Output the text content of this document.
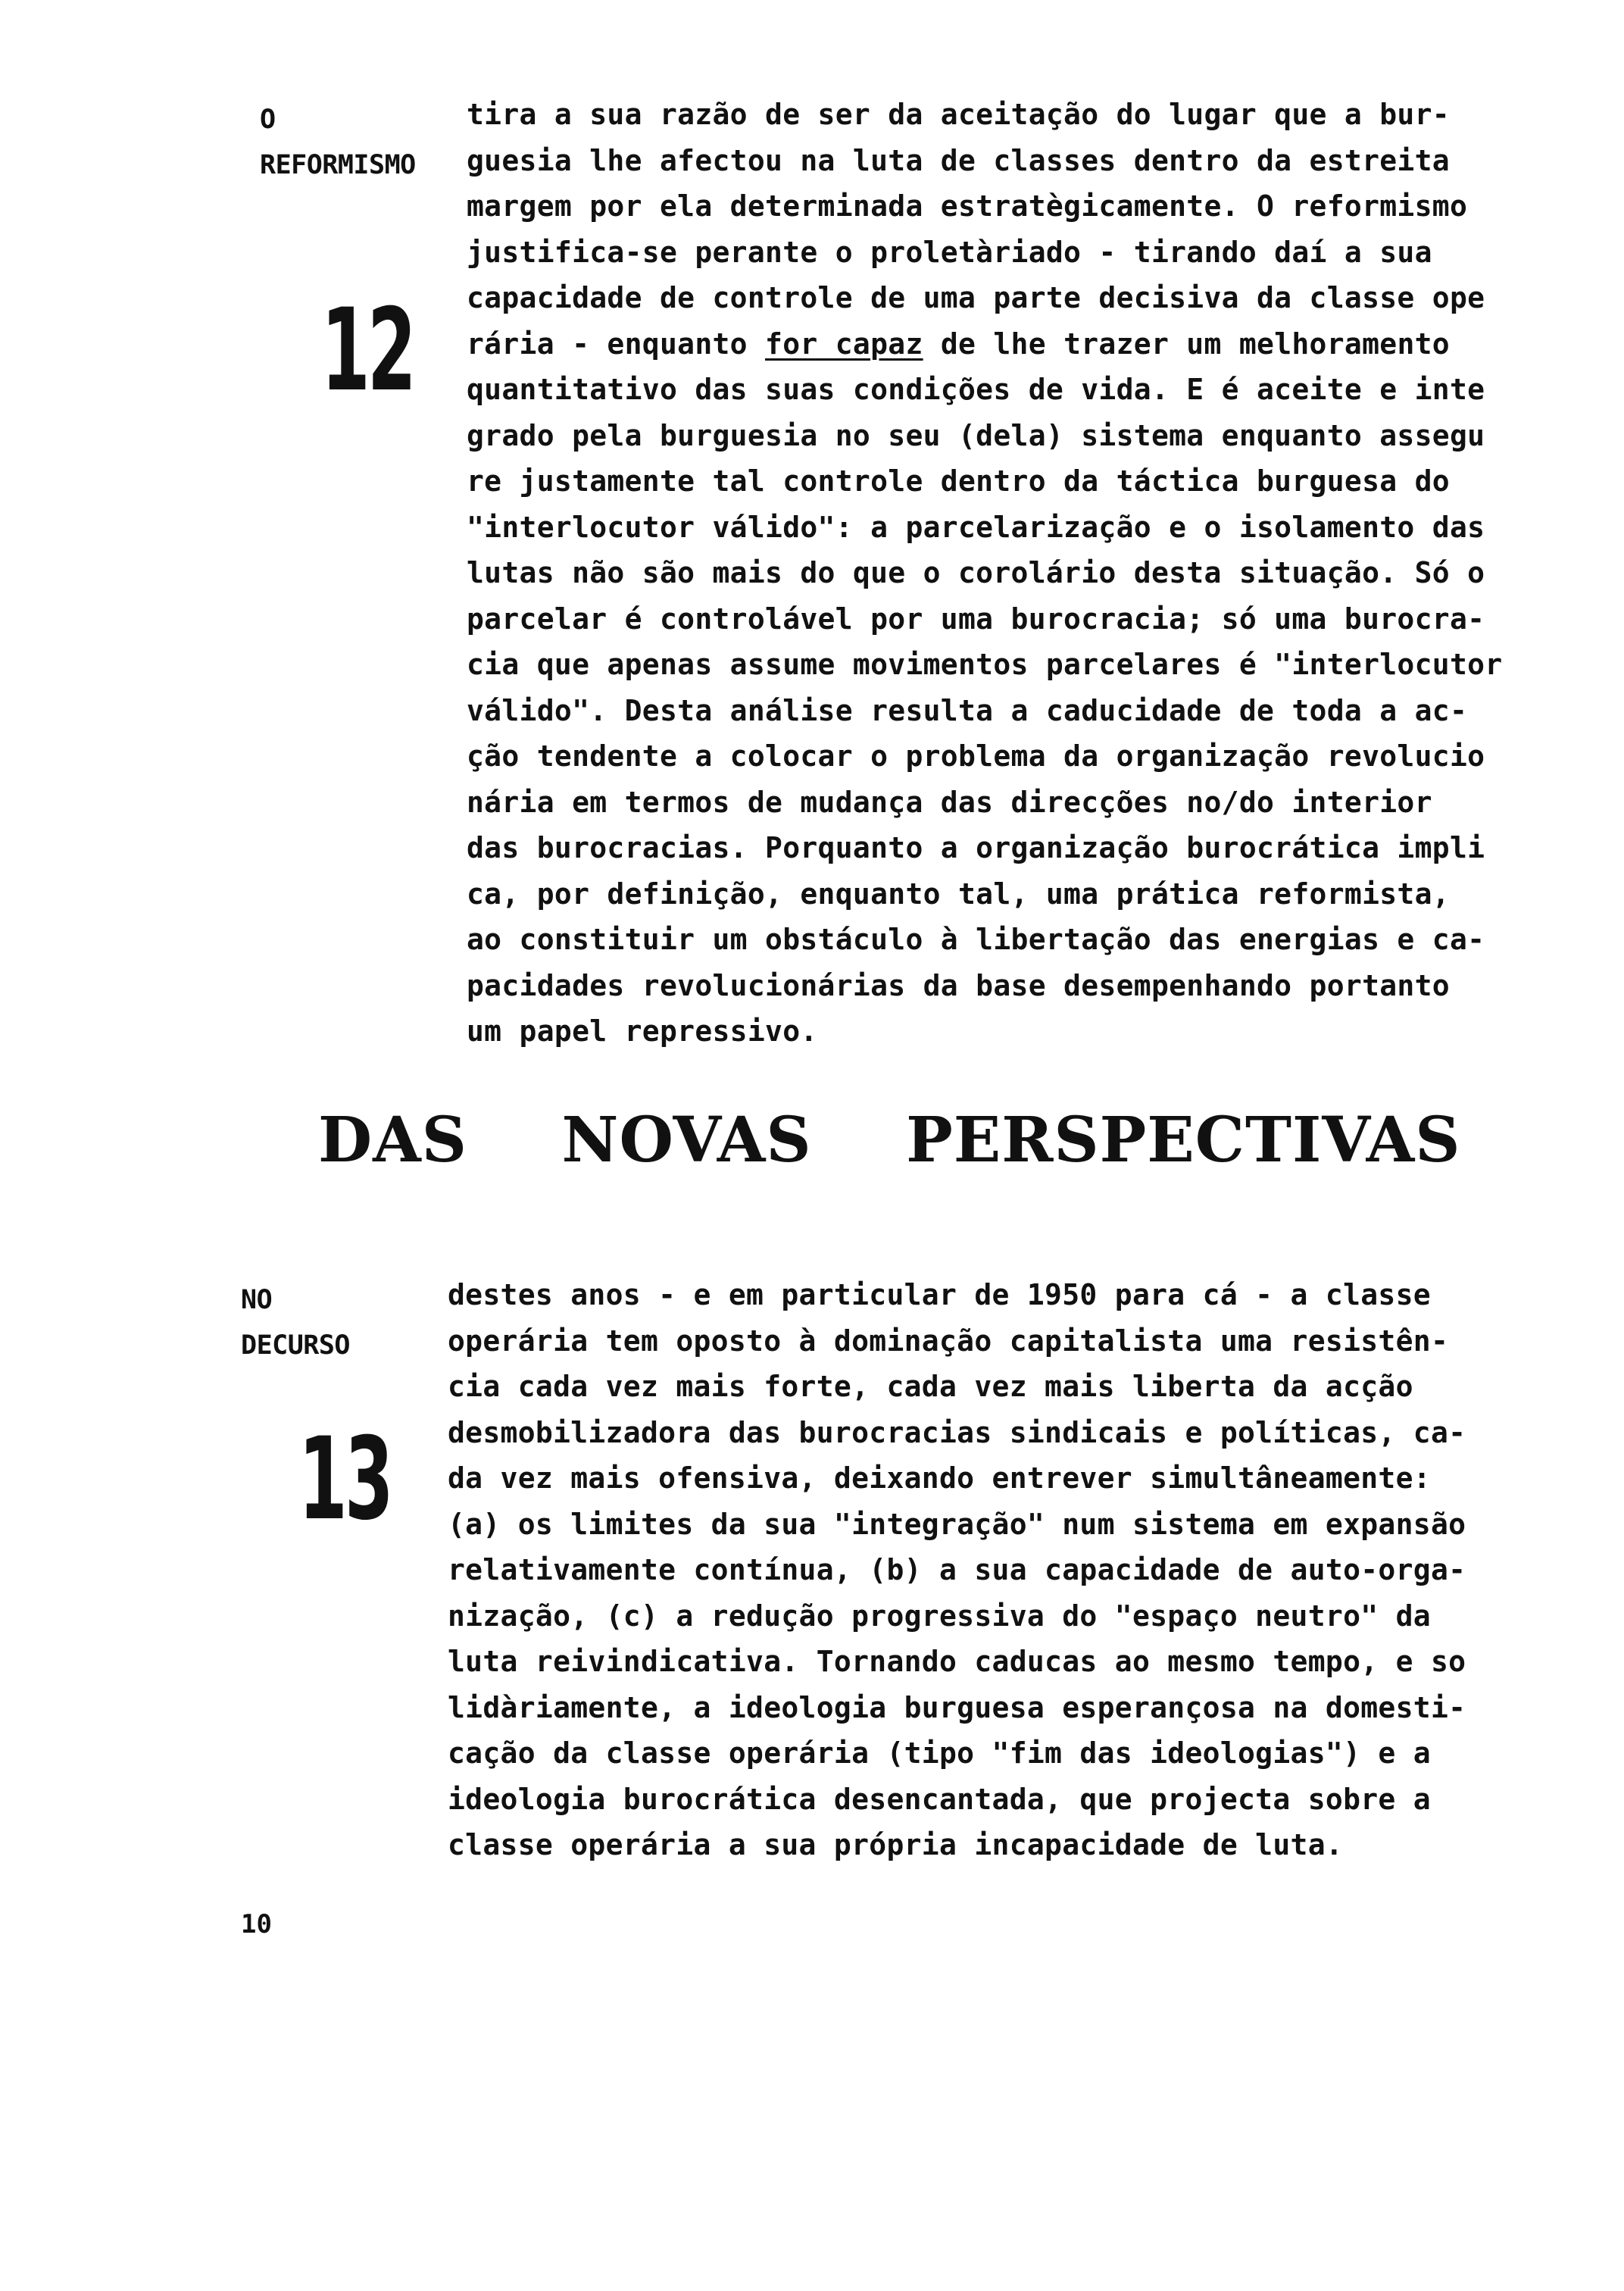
O REFORMISMO
12
tira a sua razão de ser da aceitação do lugar que a bur-
guesia lhe afectou na luta de classes dentro da estreita
margem por ela determinada estratègicamente. O reformismo
justifica-se perante o proletàriado - tirando daí a sua
capacidade de controle de uma parte decisiva da classe ope
rária - enquanto for capaz de lhe trazer um melhoramento
quantitativo das suas condições de vida. E é aceite e inte
grado pela burguesia no seu (dela) sistema enquanto assegu
re justamente tal controle dentro da táctica burguesa do
"interlocutor válido": a parcelarização e o isolamento das
lutas não são mais do que o corolário desta situação. Só o
parcelar é controlável por uma burocracia; só uma burocra-
cia que apenas assume movimentos parcelares é "interlocutor
válido". Desta análise resulta a caducidade de toda a ac-
ção tendente a colocar o problema da organização revolucio
nária em termos de mudança das direcções no/do interior
das burocracias. Porquanto a organização burocrática impli
ca, por definição, enquanto tal, uma prática reformista,
ao constituir um obstáculo à libertação das energias e ca-
pacidades revolucionárias da base desempenhando portanto
um papel repressivo.
DAS NOVAS PERSPECTIVAS
NO DECURSO
13
destes anos - e em particular de 1950 para cá - a classe
operária tem oposto à dominação capitalista uma resistên-
cia cada vez mais forte, cada vez mais liberta da acção
desmobilizadora das burocracias sindicais e políticas, ca-
da vez mais ofensiva, deixando entrever simultâneamente:
(a) os limites da sua "integração" num sistema em expansão
relativamente contínua, (b) a sua capacidade de auto-orga-
nização, (c) a redução progressiva do "espaço neutro" da
luta reivindicativa. Tornando caducas ao mesmo tempo, e so
lidàriamente, a ideologia burguesa esperançosa na domesti-
cação da classe operária (tipo "fim das ideologias") e a
ideologia burocrática desencantada, que projecta sobre a
classe operária a sua própria incapacidade de luta.
10
